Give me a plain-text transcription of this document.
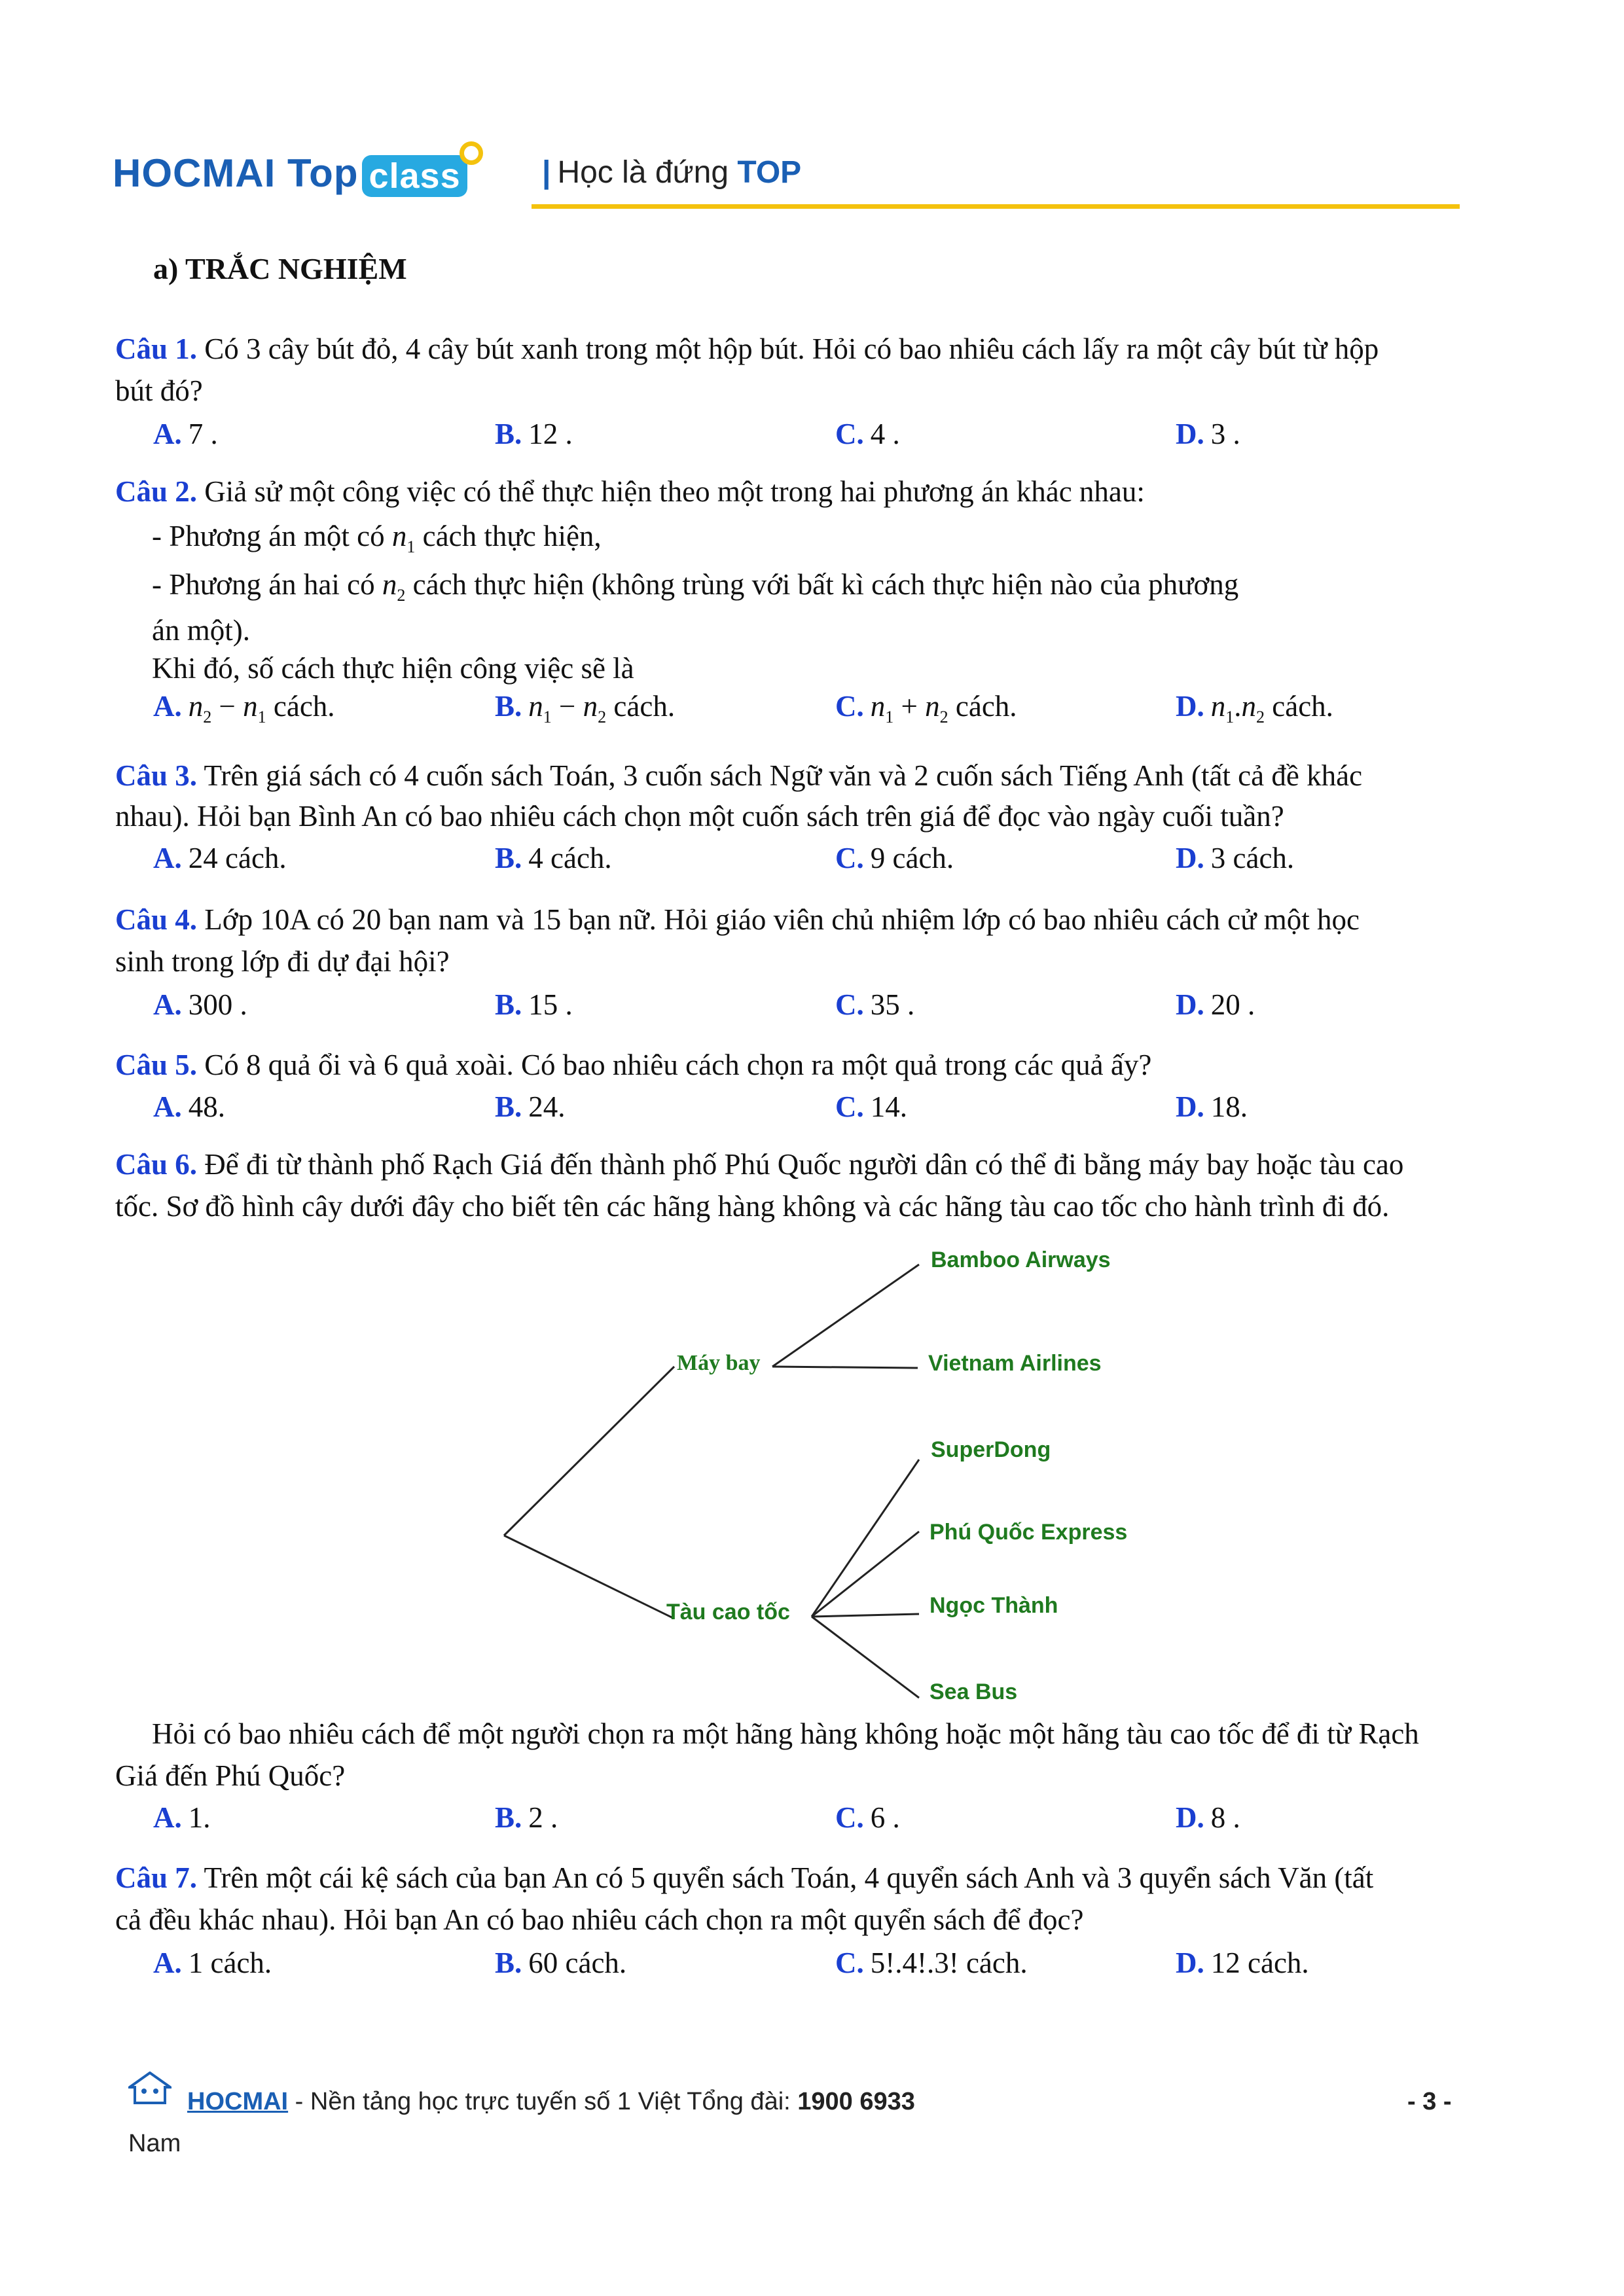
HOCMAI Top class	| Học là đứng TOP
a) TRẮC NGHIỆM
Câu 1. Có 3 cây bút đỏ, 4 cây bút xanh trong một hộp bút. Hỏi có bao nhiêu cách lấy ra một cây bút từ hộp
bút đó?
A. 7 .	B. 12 .	C. 4 .	D. 3 .
Câu 2. Giả sử một công việc có thể thực hiện theo một trong hai phương án khác nhau:
- Phương án một có $n_1$ cách thực hiện,
- Phương án hai có $n_2$ cách thực hiện (không trùng với bất kì cách thực hiện nào của phương
án một).
Khi đó, số cách thực hiện công việc sẽ là
A. $n_2 - n_1$ cách.	B. $n_1 - n_2$ cách.	C. $n_1 + n_2$ cách.	D. $n_1.n_2$ cách.
Câu 3. Trên giá sách có 4 cuốn sách Toán, 3 cuốn sách Ngữ văn và 2 cuốn sách Tiếng Anh (tất cả đề khác
nhau). Hỏi bạn Bình An có bao nhiêu cách chọn một cuốn sách trên giá để đọc vào ngày cuối tuần?
A. 24 cách.	B. 4 cách.	C. 9 cách.	D. 3 cách.
Câu 4. Lớp 10A có 20 bạn nam và 15 bạn nữ. Hỏi giáo viên chủ nhiệm lớp có bao nhiêu cách cử một học
sinh trong lớp đi dự đại hội?
A. 300 .	B. 15 .	C. 35 .	D. 20 .
Câu 5. Có 8 quả ổi và 6 quả xoài. Có bao nhiêu cách chọn ra một quả trong các quả ấy?
A. 48.	B. 24.	C. 14.	D. 18.
Câu 6. Để đi từ thành phố Rạch Giá đến thành phố Phú Quốc người dân có thể đi bằng máy bay hoặc tàu cao
tốc. Sơ đồ hình cây dưới đây cho biết tên các hãng hàng không và các hãng tàu cao tốc cho hành trình đi đó.
Máy bay
Tàu cao tốc
Bamboo Airways
Vietnam Airlines
SuperDong
Phú Quốc Express
Ngọc Thành
Sea Bus
Hỏi có bao nhiêu cách để một người chọn ra một hãng hàng không hoặc một hãng tàu cao tốc để đi từ Rạch
Giá đến Phú Quốc?
A. 1.	B. 2 .	C. 6 .	D. 8 .
Câu 7. Trên một cái kệ sách của bạn An có 5 quyển sách Toán, 4 quyển sách Anh và 3 quyển sách Văn (tất
cả đều khác nhau). Hỏi bạn An có bao nhiêu cách chọn ra một quyển sách để đọc?
A. 1 cách.	B. 60 cách.	C. 5!.4!.3! cách.	D. 12 cách.
HOCMAI - Nền tảng học trực tuyến số 1 Việt Tổng đài: 1900 6933
Nam
- 3 -
